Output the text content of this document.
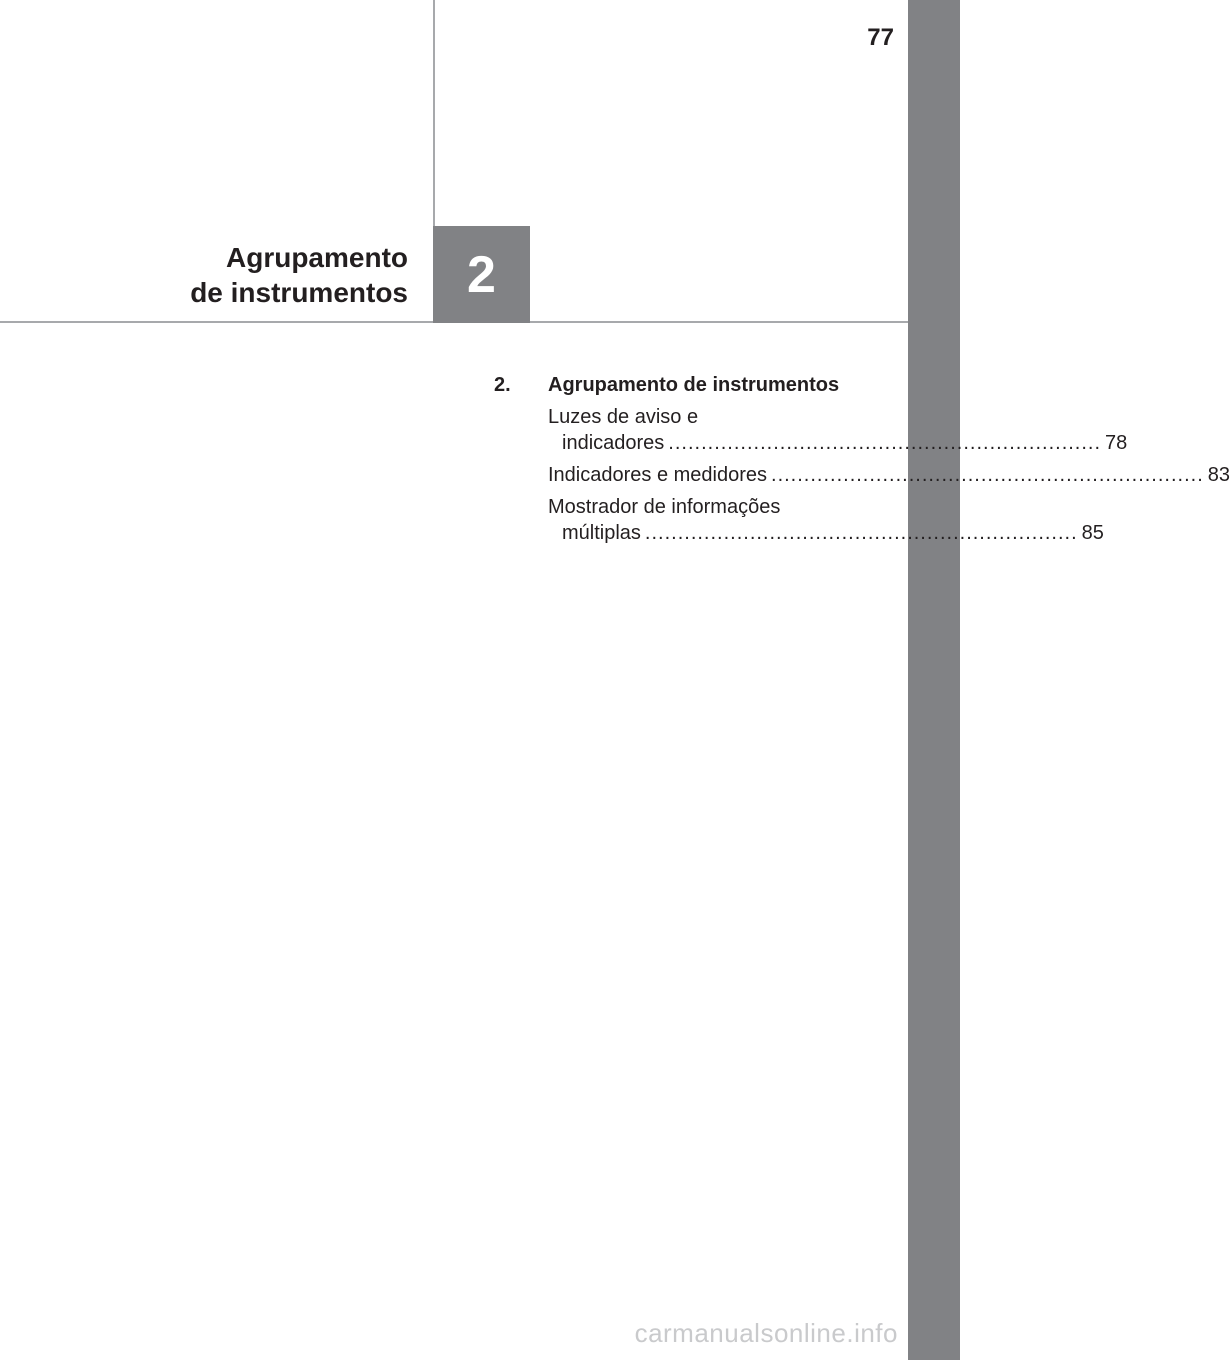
77
Agrupamento
de instrumentos 2
2. Agrupamento de instrumentos
Luzes de aviso e
indicadores .................................................................. 78
Indicadores e medidores .................................................................. 83
Mostrador de informações
múltiplas .................................................................. 85
carmanualsonline.info
